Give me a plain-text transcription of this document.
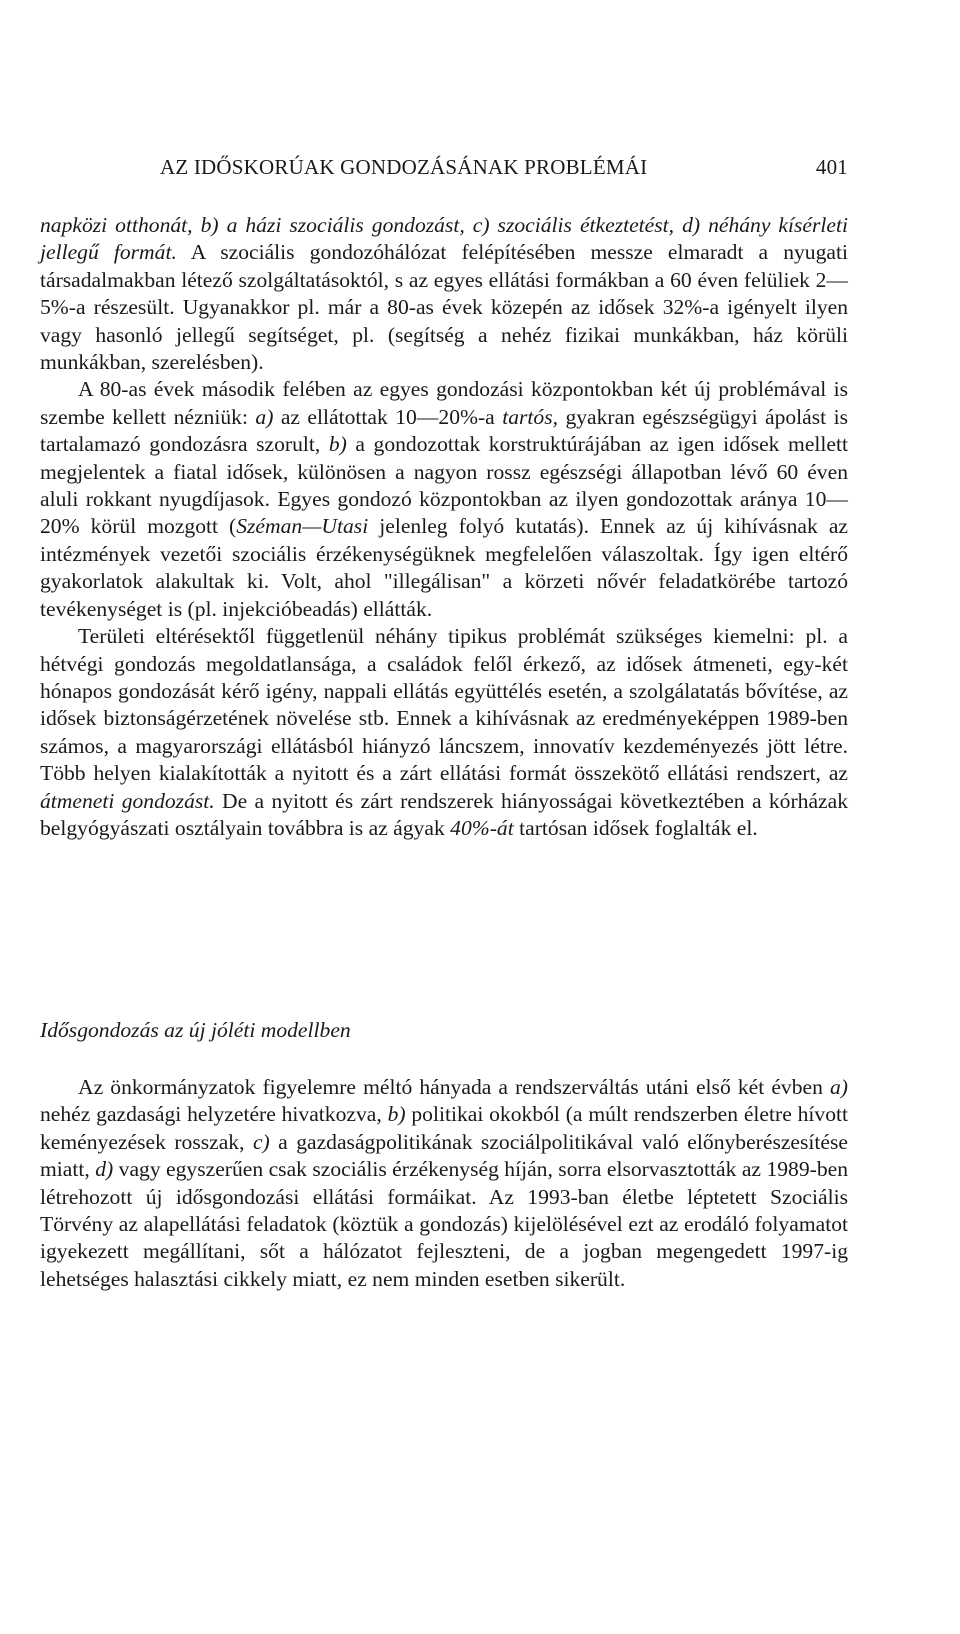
AZ IDŐSKORÚAK GONDOZÁSÁNAK PROBLÉMÁI	401

napközi otthonát, b) a házi szociális gondozást, c) szociális étkeztetést, d) néhány kísérleti jellegű formát. A szociális gondozóhálózat felépítésében messze elmaradt a nyugati társadalmakban létező szolgáltatásoktól, s az egyes ellátási formákban a 60 éven felüliek 2—5%-a részesült. Ugyanakkor pl. már a 80-as évek közepén az idősek 32%-a igényelt ilyen vagy hasonló jellegű segítséget, pl. (segítség a nehéz fizikai munkákban, ház körüli munkákban, szerelésben).

A 80-as évek második felében az egyes gondozási központokban két új problémával is szembe kellett nézniük: a) az ellátottak 10—20%-a tartós, gyakran egészségügyi ápolást is tartalamazó gondozásra szorult, b) a gondozottak korstruktúrájában az igen idősek mellett megjelentek a fiatal idősek, különösen a nagyon rossz egészségi állapotban lévő 60 éven aluli rokkant nyugdíjasok. Egyes gondozó központokban az ilyen gondozottak aránya 10—20% körül mozgott (Széman—Utasi jelenleg folyó kutatás). Ennek az új kihívásnak az intézmények vezetői szociális érzékenységüknek megfelelően válaszoltak. Így igen eltérő gyakorlatok alakultak ki. Volt, ahol "illegálisan" a körzeti nővér feladatkörébe tartozó tevékenységet is (pl. injekcióbeadás) ellátták.

Területi eltérésektől függetlenül néhány tipikus problémát szükséges kiemelni: pl. a hétvégi gondozás megoldatlansága, a családok felől érkező, az idősek átmeneti, egy-két hónapos gondozását kérő igény, nappali ellátás együttélés esetén, a szolgálatatás bővítése, az idősek biztonságérzetének növelése stb. Ennek a kihívásnak az eredményeképpen 1989-ben számos, a magyarországi ellátásból hiányzó láncszem, innovatív kezdeményezés jött létre. Több helyen kialakították a nyitott és a zárt ellátási formát összekötő ellátási rendszert, az átmeneti gondozást. De a nyitott és zárt rendszerek hiányosságai következtében a kórházak belgyógyászati osztályain továbbra is az ágyak 40%-át tartósan idősek foglalták el.

Idősgondozás az új jóléti modellben

Az önkormányzatok figyelemre méltó hányada a rendszerváltás utáni első két évben a) nehéz gazdasági helyzetére hivatkozva, b) politikai okokból (a múlt rendszerben életre hívott keményezések rosszak, c) a gazdaságpolitikának szociálpolitikával való előnyberészesítése miatt, d) vagy egyszerűen csak szociális érzékenység híján, sorra elsorvasztották az 1989-ben létrehozott új idősgondozási ellátási formáikat. Az 1993-ban életbe léptetett Szociális Törvény az alapellátási feladatok (köztük a gondozás) kijelölésével ezt az erodáló folyamatot igyekezett megállítani, sőt a hálózatot fejleszteni, de a jogban megengedett 1997-ig lehetséges halasztási cikkely miatt, ez nem minden esetben sikerült.
